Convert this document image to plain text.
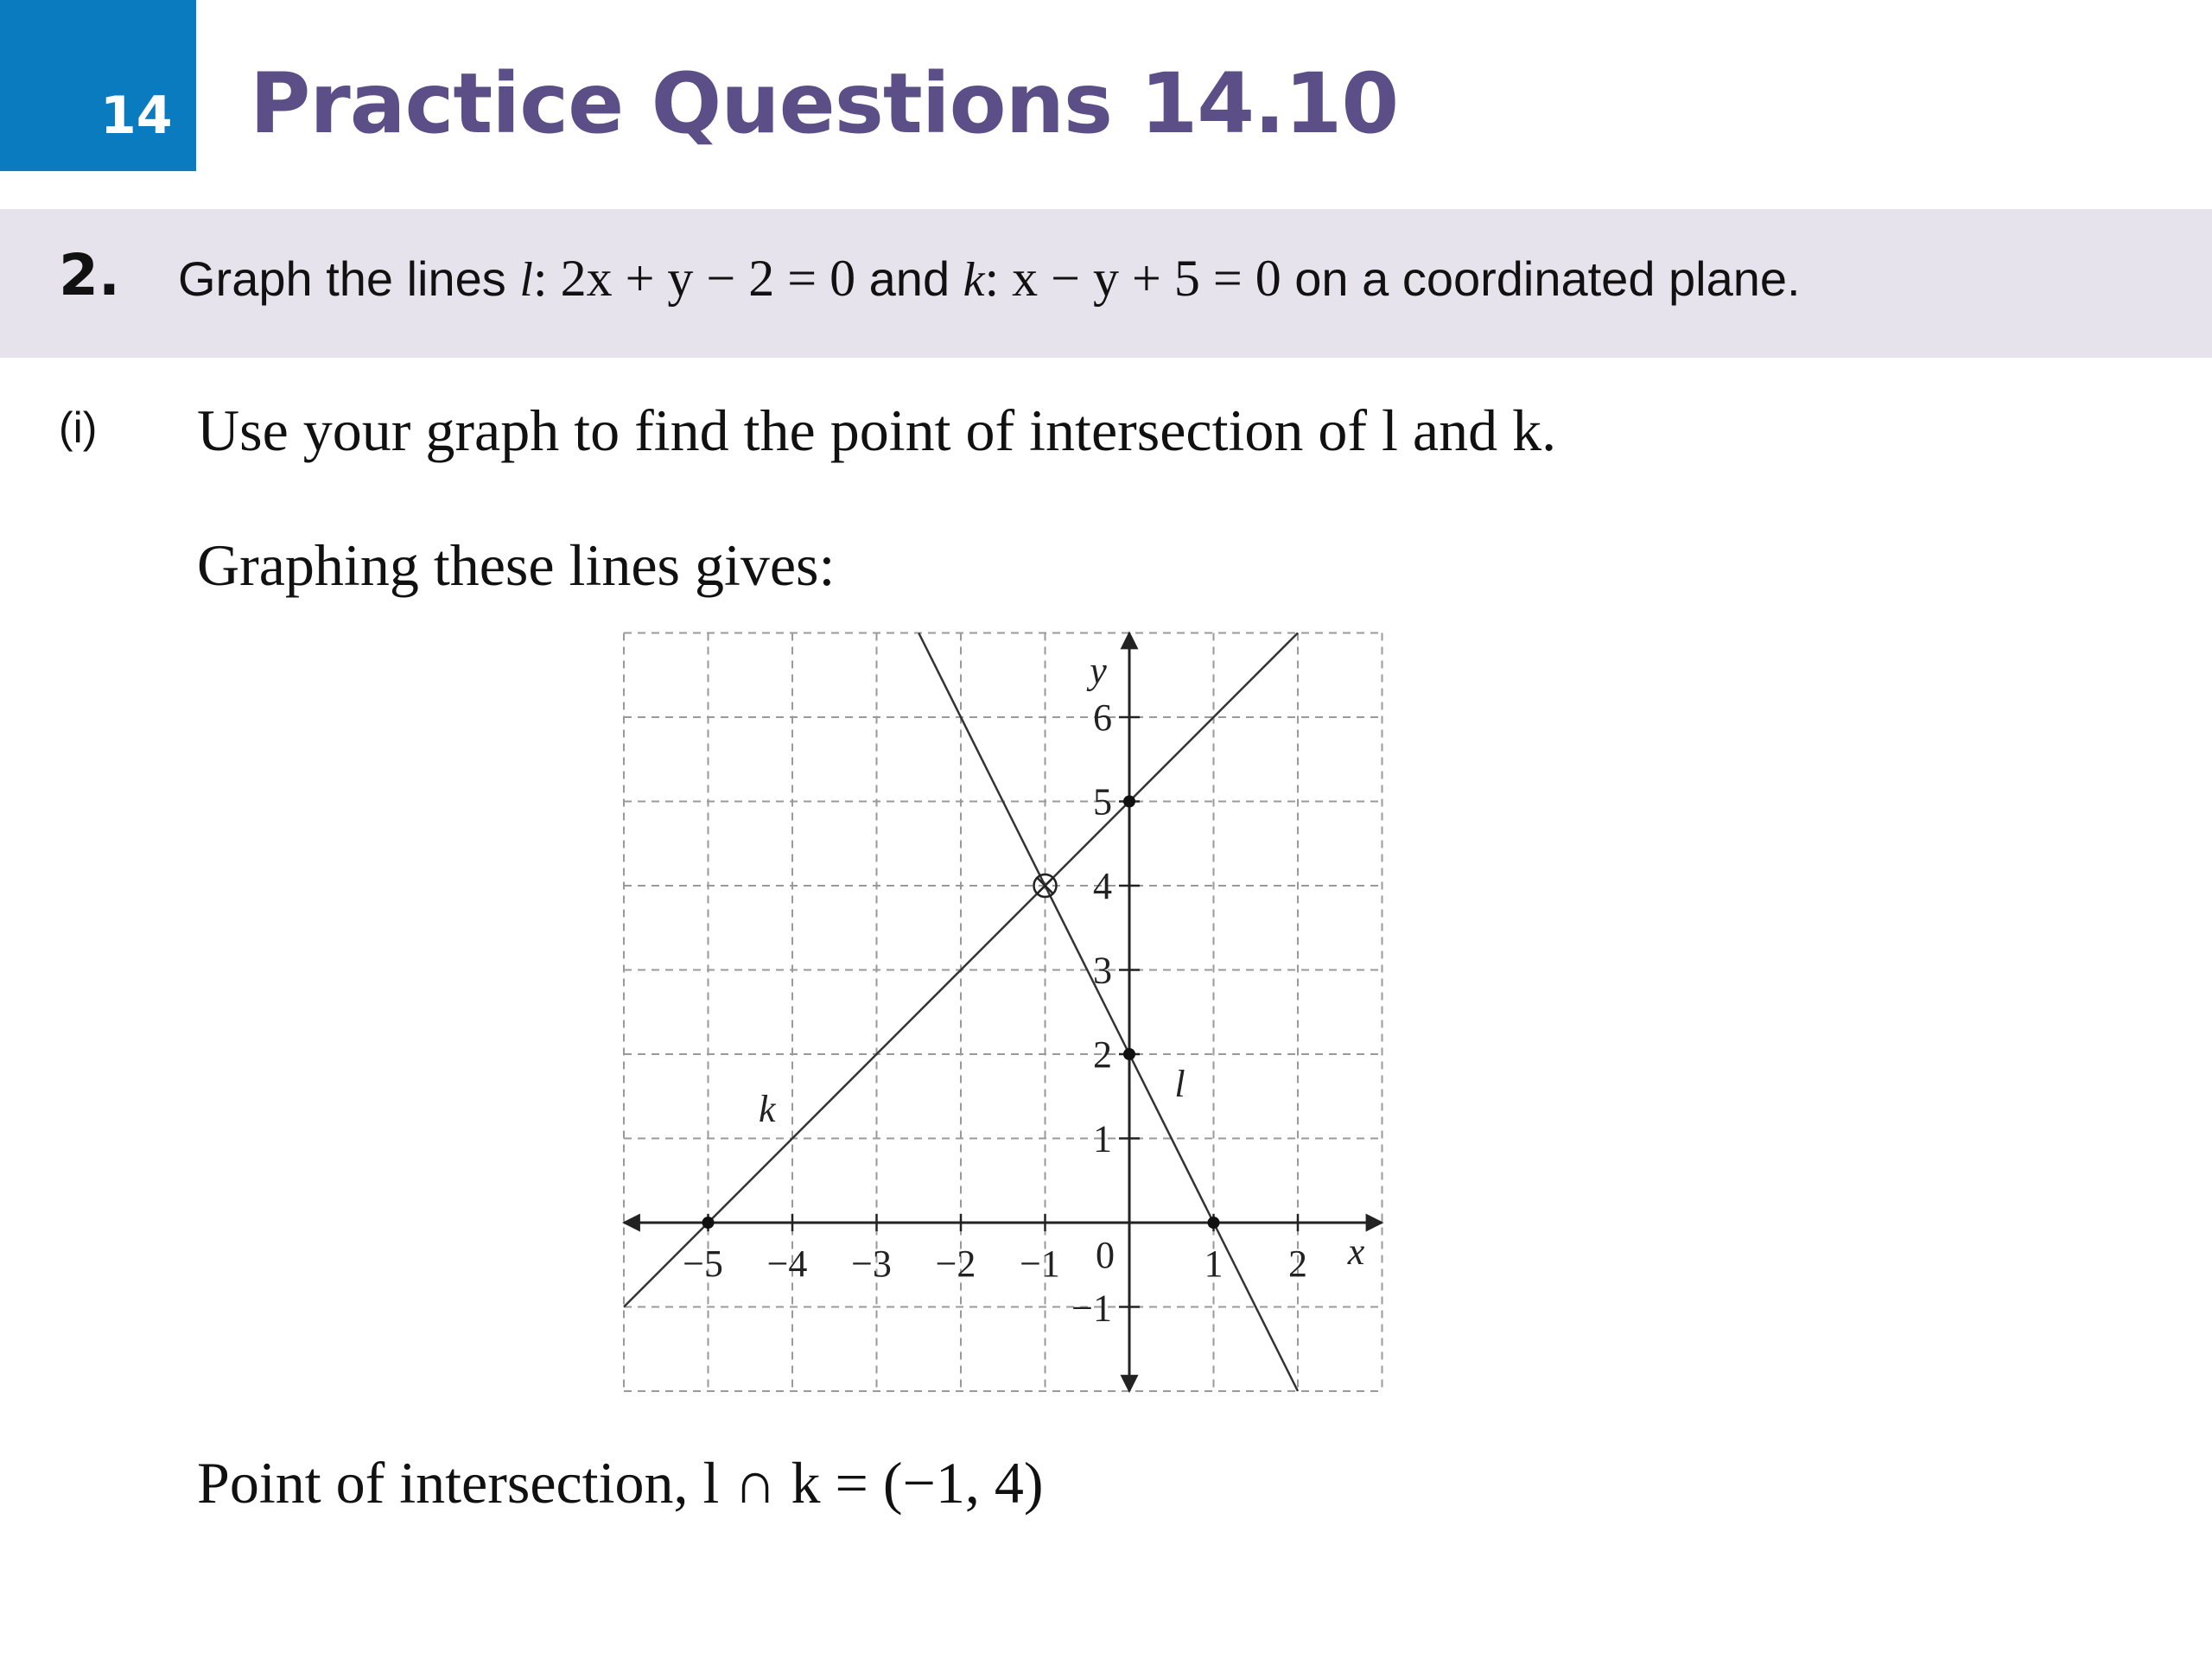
14 Practice Questions 14.10
2. Graph the lines l: 2x + y − 2 = 0 and k: x − y + 5 = 0 on a coordinated plane.
(i) Use your graph to find the point of intersection of l and k.
Graphing these lines gives:
−5 −4 −3 −2 −1	1 2
−1
1
2
3
4
5
6
0	x
y
k
l
Point of intersection, l ∩ k = (−1, 4)
